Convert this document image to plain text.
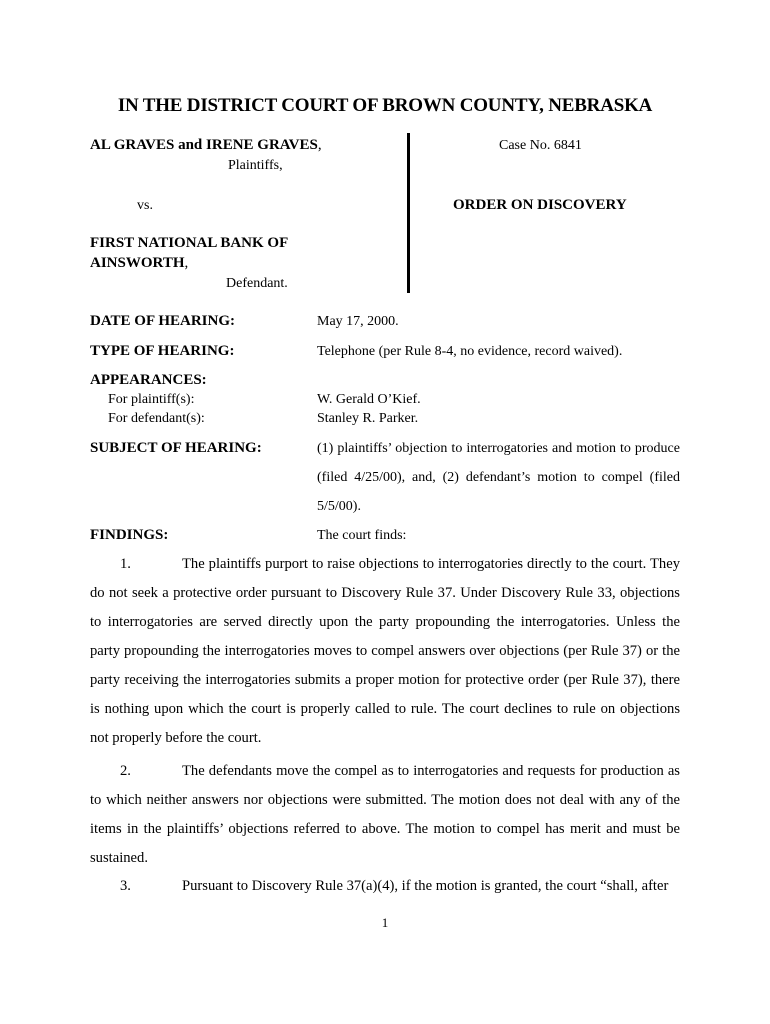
IN THE DISTRICT COURT OF BROWN COUNTY, NEBRASKA
AL GRAVES and IRENE GRAVES,
Plaintiffs,
vs.
FIRST NATIONAL BANK OF
AINSWORTH,
Defendant.
Case No. 6841
ORDER ON DISCOVERY
DATE OF HEARING:	May 17, 2000.
TYPE OF HEARING:	Telephone (per Rule 8-4, no evidence, record waived).
APPEARANCES:
For plaintiff(s):	W. Gerald O’Kief.
For defendant(s):	Stanley R. Parker.
SUBJECT OF HEARING:	(1) plaintiffs’ objection to interrogatories and motion to produce (filed 4/25/00), and, (2) defendant’s motion to compel (filed 5/5/00).
FINDINGS:	The court finds:
1.	The plaintiffs purport to raise objections to interrogatories directly to the court. They do not seek a protective order pursuant to Discovery Rule 37. Under Discovery Rule 33, objections to interrogatories are served directly upon the party propounding the interrogatories. Unless the party propounding the interrogatories moves to compel answers over objections (per Rule 37) or the party receiving the interrogatories submits a proper motion for protective order (per Rule 37), there is nothing upon which the court is properly called to rule. The court declines to rule on objections not properly before the court.
2.	The defendants move the compel as to interrogatories and requests for production as to which neither answers nor objections were submitted. The motion does not deal with any of the items in the plaintiffs’ objections referred to above. The motion to compel has merit and must be sustained.
3.	Pursuant to Discovery Rule 37(a)(4), if the motion is granted, the court “shall, after
1
